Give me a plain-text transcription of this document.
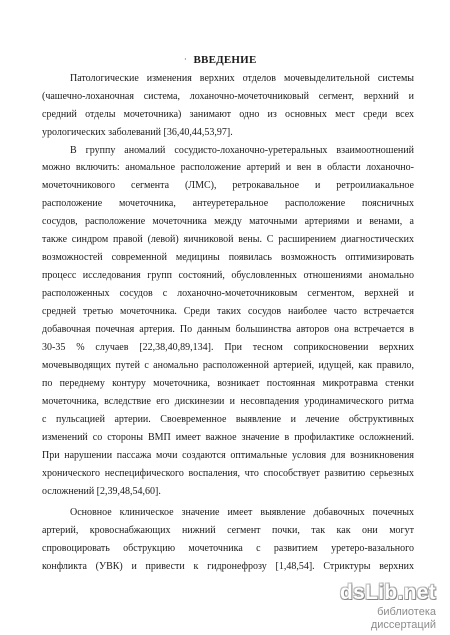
· ВВЕДЕНИЕ
Патологические изменения верхних отделов мочевыделительной системы
(чашечно-лоханочная система, лоханочно-мочеточниковый сегмент, верхний и
средний отделы мочеточника) занимают одно из основных мест среди всех
урологических заболеваний [36,40,44,53,97].
В группу аномалий сосудисто-лоханочно-уретеральных взаимоотношений
можно включить: аномальное расположение артерий и вен в области лоханочно-
мочеточникового сегмента (ЛМС), ретрокавальное и ретроилиакальное
расположение мочеточника, антеуретеральное расположение поясничных
сосудов, расположение мочеточника между маточными артериями и венами, а
также синдром правой (левой) яичниковой вены. С расширением диагностических
возможностей современной медицины появилась возможность оптимизировать
процесс исследования групп состояний, обусловленных отношениями аномально
расположенных сосудов с лоханочно-мочеточниковым сегментом, верхней и
средней третью мочеточника. Среди таких сосудов наиболее часто встречается
добавочная почечная артерия. По данным большинства авторов она встречается в
30-35 % случаев [22,38,40,89,134]. При тесном соприкосновении верхних
мочевыводящих путей с аномально расположенной артерией, идущей, как правило,
по переднему контуру мочеточника, возникает постоянная микротравма стенки
мочеточника, вследствие его дискинезии и несовпадения уродинамического ритма
с пульсацией артерии. Своевременное выявление и лечение обструктивных
изменений со стороны ВМП имеет важное значение в профилактике осложнений.
При нарушении пассажа мочи создаются оптимальные условия для возникновения
хронического неспецифического воспаления, что способствует развитию серьезных
осложнений [2,39,48,54,60].
Основное клиническое значение имеет выявление добавочных почечных
артерий, кровоснабжающих нижний сегмент почки, так как они могут
спровоцировать обструкцию мочеточника с развитием уретеро-вазального
конфликта (УВК) и привести к гидронефрозу [1,48,54]. Стриктуры верхних
dsLib.net
библиотека диссертаций
